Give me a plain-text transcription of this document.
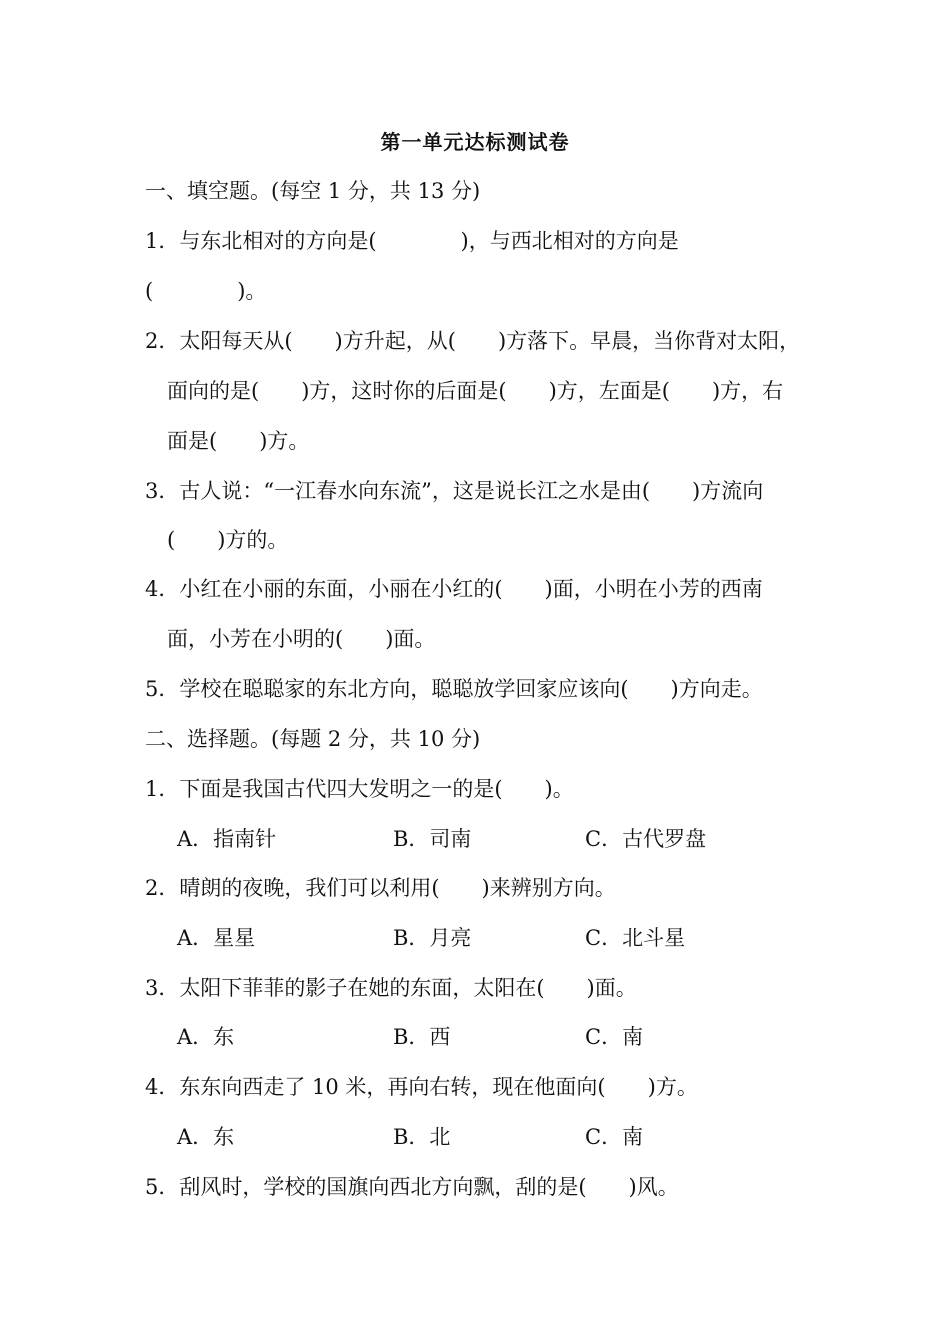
第一单元达标测试卷
一、填空题。(每空 1 分，共 13 分)
1．与东北相对的方向是(　　　　)，与西北相对的方向是
(　　　　)。
2．太阳每天从(　　)方升起，从(　　)方落下。早晨，当你背对太阳，
面向的是(　　)方，这时你的后面是(　　)方，左面是(　　)方，右
面是(　　)方。
3．古人说：“一江春水向东流”，这是说长江之水是由(　　)方流向
(　　)方的。
4．小红在小丽的东面，小丽在小红的(　　)面，小明在小芳的西南
面，小芳在小明的(　　)面。
5．学校在聪聪家的东北方向，聪聪放学回家应该向(　　)方向走。
二、选择题。(每题 2 分，共 10 分)
1．下面是我国古代四大发明之一的是(　　)。
A．指南针	B．司南	C．古代罗盘
2．晴朗的夜晚，我们可以利用(　　)来辨别方向。
A．星星	B．月亮	C．北斗星
3．太阳下菲菲的影子在她的东面，太阳在(　　)面。
A．东	B．西	C．南
4．东东向西走了 10 米，再向右转，现在他面向(　　)方。
A．东	B．北	C．南
5．刮风时，学校的国旗向西北方向飘，刮的是(　　)风。
